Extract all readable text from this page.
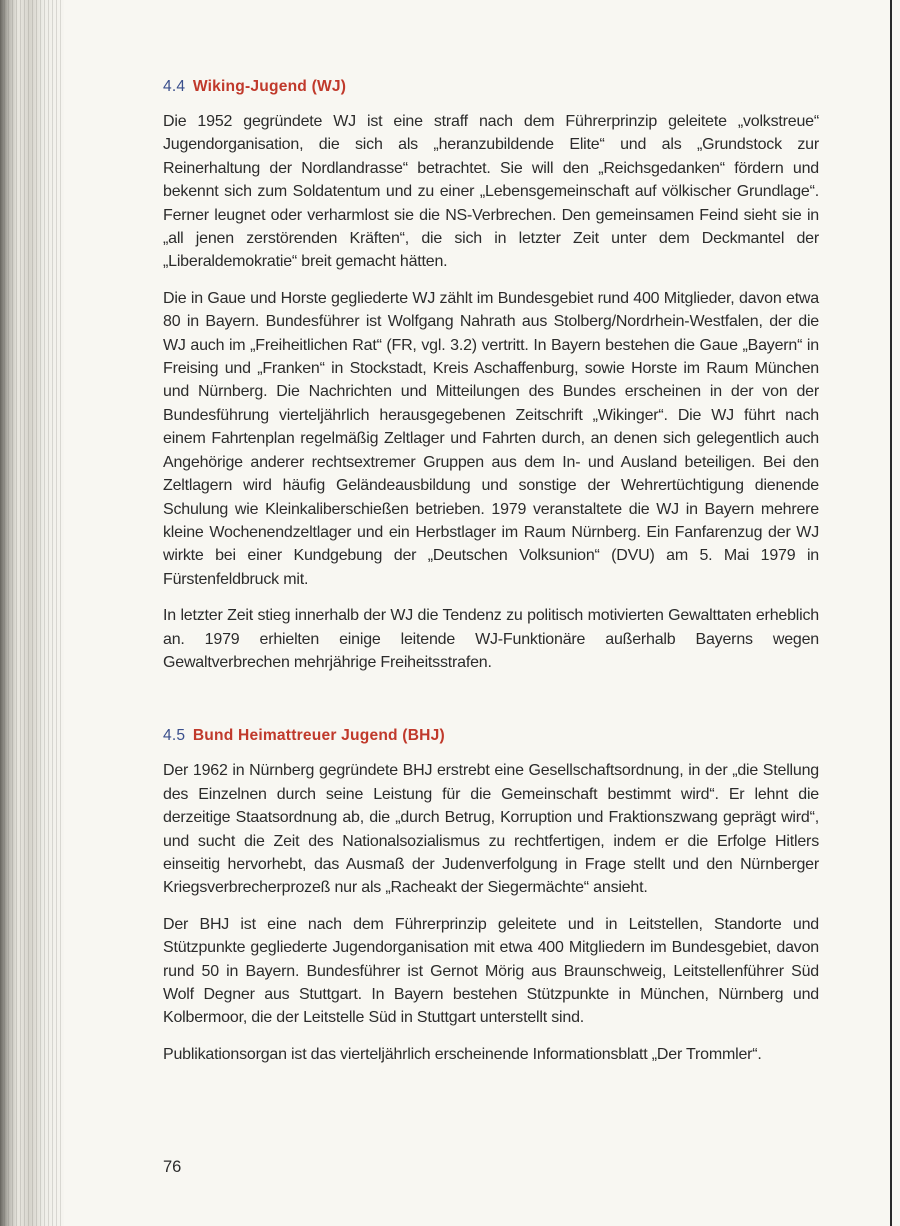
4.4 Wiking-Jugend (WJ)

Die 1952 gegründete WJ ist eine straff nach dem Führerprinzip geleitete „volkstreue“ Jugendorganisation, die sich als „heranzubildende Elite“ und als „Grundstock zur Reinerhaltung der Nordlandrasse“ betrachtet. Sie will den „Reichsgedanken“ fördern und bekennt sich zum Soldatentum und zu einer „Lebensgemeinschaft auf völkischer Grundlage“. Ferner leugnet oder verharmlost sie die NS-Verbrechen. Den gemeinsamen Feind sieht sie in „all jenen zerstörenden Kräften“, die sich in letzter Zeit unter dem Deckmantel der „Liberaldemokratie“ breit gemacht hätten.

Die in Gaue und Horste gegliederte WJ zählt im Bundesgebiet rund 400 Mitglieder, davon etwa 80 in Bayern. Bundesführer ist Wolfgang Nahrath aus Stolberg/Nordrhein-Westfalen, der die WJ auch im „Freiheitlichen Rat“ (FR, vgl. 3.2) vertritt. In Bayern bestehen die Gaue „Bayern“ in Freising und „Franken“ in Stockstadt, Kreis Aschaffenburg, sowie Horste im Raum München und Nürnberg. Die Nachrichten und Mitteilungen des Bundes erscheinen in der von der Bundesführung vierteljährlich herausgegebenen Zeitschrift „Wikinger“. Die WJ führt nach einem Fahrtenplan regelmäßig Zeltlager und Fahrten durch, an denen sich gelegentlich auch Angehörige anderer rechtsextremer Gruppen aus dem In- und Ausland beteiligen. Bei den Zeltlagern wird häufig Geländeausbildung und sonstige der Wehrertüchtigung dienende Schulung wie Kleinkaliberschießen betrieben. 1979 veranstaltete die WJ in Bayern mehrere kleine Wochenendzeltlager und ein Herbstlager im Raum Nürnberg. Ein Fanfarenzug der WJ wirkte bei einer Kundgebung der „Deutschen Volksunion“ (DVU) am 5. Mai 1979 in Fürstenfeldbruck mit.

In letzter Zeit stieg innerhalb der WJ die Tendenz zu politisch motivierten Gewalttaten erheblich an. 1979 erhielten einige leitende WJ-Funktionäre außerhalb Bayerns wegen Gewaltverbrechen mehrjährige Freiheitsstrafen.

4.5 Bund Heimattreuer Jugend (BHJ)

Der 1962 in Nürnberg gegründete BHJ erstrebt eine Gesellschaftsordnung, in der „die Stellung des Einzelnen durch seine Leistung für die Gemeinschaft bestimmt wird“. Er lehnt die derzeitige Staatsordnung ab, die „durch Betrug, Korruption und Fraktionszwang geprägt wird“, und sucht die Zeit des Nationalsozialismus zu rechtfertigen, indem er die Erfolge Hitlers einseitig hervorhebt, das Ausmaß der Judenverfolgung in Frage stellt und den Nürnberger Kriegsverbrecherprozeß nur als „Racheakt der Siegermächte“ ansieht.

Der BHJ ist eine nach dem Führerprinzip geleitete und in Leitstellen, Standorte und Stützpunkte gegliederte Jugendorganisation mit etwa 400 Mitgliedern im Bundesgebiet, davon rund 50 in Bayern. Bundesführer ist Gernot Mörig aus Braunschweig, Leitstellenführer Süd Wolf Degner aus Stuttgart. In Bayern bestehen Stützpunkte in München, Nürnberg und Kolbermoor, die der Leitstelle Süd in Stuttgart unterstellt sind.

Publikationsorgan ist das vierteljährlich erscheinende Informationsblatt „Der Trommler“.

76
